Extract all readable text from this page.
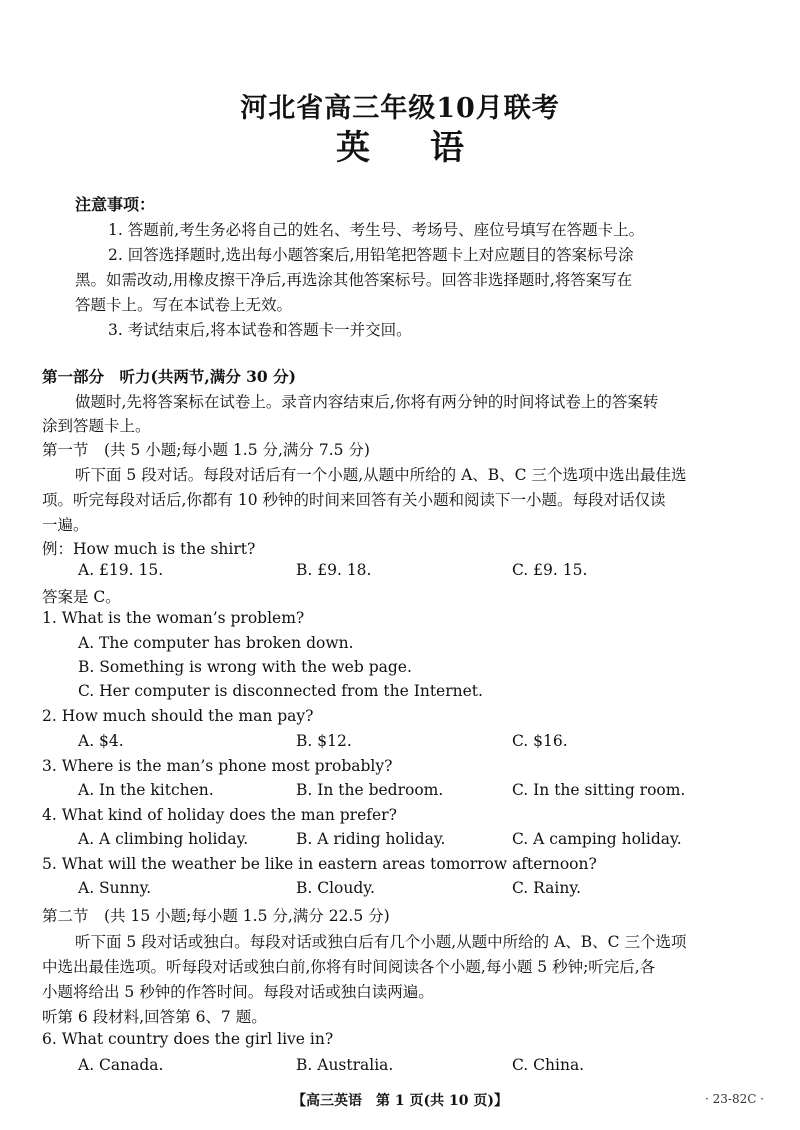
河北省高三年级10月联考
英 语
注意事项：
1. 答题前,考生务必将自己的姓名、考生号、考场号、座位号填写在答题卡上。
2. 回答选择题时,选出每小题答案后,用铅笔把答题卡上对应题目的答案标号涂
黑。如需改动,用橡皮擦干净后,再选涂其他答案标号。回答非选择题时,将答案写在
答题卡上。写在本试卷上无效。
3. 考试结束后,将本试卷和答题卡一并交回。
第一部分　听力(共两节,满分 30 分)
做题时,先将答案标在试卷上。录音内容结束后,你将有两分钟的时间将试卷上的答案转
涂到答题卡上。
第一节　(共 5 小题;每小题 1.5 分,满分 7.5 分)
听下面 5 段对话。每段对话后有一个小题,从题中所给的 A、B、C 三个选项中选出最佳选
项。听完每段对话后,你都有 10 秒钟的时间来回答有关小题和阅读下一小题。每段对话仅读
一遍。
例：How much is the shirt?
A. £19. 15.	B. £9. 18.	C. £9. 15.
答案是 C。
1. What is the woman’s problem?
A. The computer has broken down.
B. Something is wrong with the web page.
C. Her computer is disconnected from the Internet.
2. How much should the man pay?
A. $4.	B. $12.	C. $16.
3. Where is the man’s phone most probably?
A. In the kitchen.	B. In the bedroom.	C. In the sitting room.
4. What kind of holiday does the man prefer?
A. A climbing holiday.	B. A riding holiday.	C. A camping holiday.
5. What will the weather be like in eastern areas tomorrow afternoon?
A. Sunny.	B. Cloudy.	C. Rainy.
第二节　(共 15 小题;每小题 1.5 分,满分 22.5 分)
听下面 5 段对话或独白。每段对话或独白后有几个小题,从题中所给的 A、B、C 三个选项
中选出最佳选项。听每段对话或独白前,你将有时间阅读各个小题,每小题 5 秒钟;听完后,各
小题将给出 5 秒钟的作答时间。每段对话或独白读两遍。
听第 6 段材料,回答第 6、7 题。
6. What country does the girl live in?
A. Canada.	B. Australia.	C. China.
【高三英语　第 1 页(共 10 页)】	· 23-82C ·
